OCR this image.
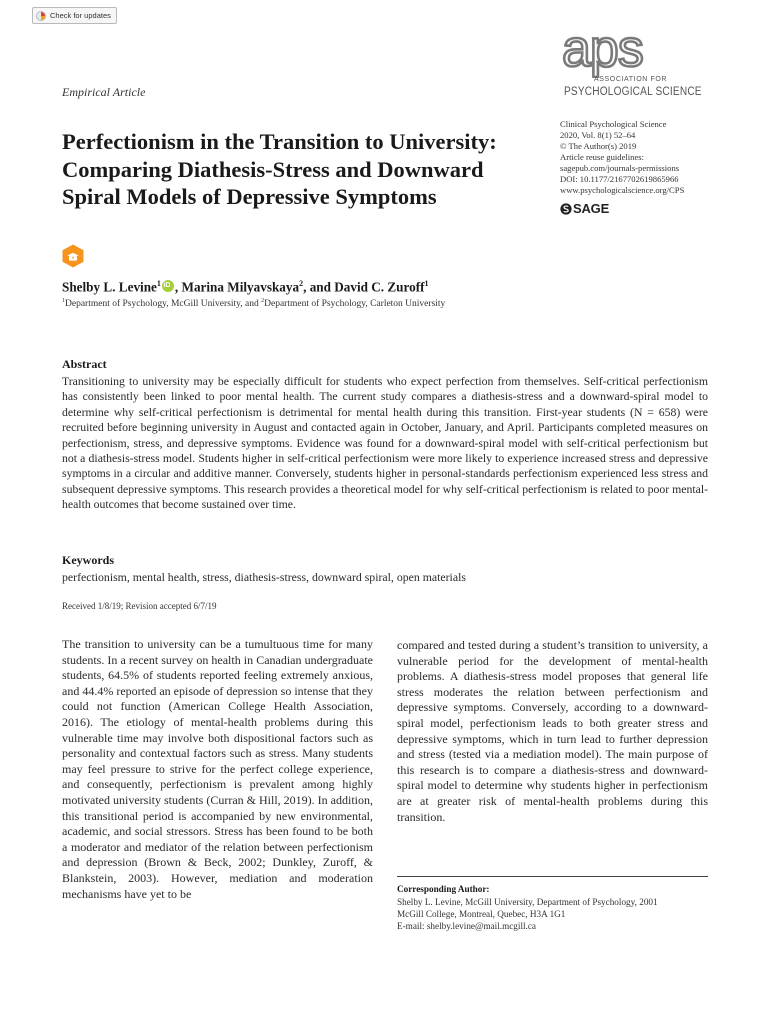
Check for updates
aps
ASSOCIATION FOR
PSYCHOLOGICAL SCIENCE
Empirical Article
Clinical Psychological Science
2020, Vol. 8(1) 52–64
© The Author(s) 2019
Article reuse guidelines:
sagepub.com/journals-permissions
DOI: 10.1177/2167702619865966
www.psychologicalscience.org/CPS
SAGE
Perfectionism in the Transition to University: Comparing Diathesis-Stress and Downward Spiral Models of Depressive Symptoms
Shelby L. Levine$^1$iD , Marina Milyavskaya$^2$, and David C. Zuroff$^1$
$^1$Department of Psychology, McGill University, and $^2$Department of Psychology, Carleton University
Abstract

Transitioning to university may be especially difficult for students who expect perfection from themselves. Self-critical perfectionism has consistently been linked to poor mental health. The current study compares a diathesis-stress and a downward-spiral model to determine why self-critical perfectionism is detrimental for mental health during this transition. First-year students (N = 658) were recruited before beginning university in August and contacted again in October, January, and April. Participants completed measures on perfectionism, stress, and depressive symptoms. Evidence was found for a downward-spiral model with self-critical perfectionism but not a diathesis-stress model. Students higher in self-critical perfectionism were more likely to experience increased stress and depressive symptoms in a circular and additive manner. Conversely, students higher in personal-standards perfectionism experienced less stress and subsequent depressive symptoms. This research provides a theoretical model for why self-critical perfectionism is related to poor mental-health outcomes that become sustained over time.

Keywords
perfectionism, mental health, stress, diathesis-stress, downward spiral, open materials
Received 1/8/19; Revision accepted 6/7/19

The transition to university can be a tumultuous time for many students. In a recent survey on health in Canadian undergraduate students, 64.5% of students reported feeling extremely anxious, and 44.4% reported an episode of depression so intense that they could not function (American College Health Association, 2016). The etiology of mental-health problems during this vulnerable time may involve both dispositional factors such as personality and contextual factors such as stress. Many students may feel pressure to strive for the perfect college experience, and consequently, perfectionism is prevalent among highly motivated university students (Curran & Hill, 2019). In addition, this transitional period is accompanied by new environmental, academic, and social stressors. Stress has been found to be both a moderator and mediator of the relation between perfectionism and depression (Brown & Beck, 2002; Dunkley, Zuroff, & Blankstein, 2003). However, mediation and moderation mechanisms have yet to be

compared and tested during a student’s transition to university, a vulnerable period for the development of mental-health problems. A diathesis-stress model proposes that general life stress moderates the relation between perfectionism and depressive symptoms. Conversely, according to a downward-spiral model, perfectionism leads to both greater stress and depressive symptoms, which in turn lead to further depression and stress (tested via a mediation model). The main purpose of this research is to compare a diathesis-stress and downward-spiral model to determine why students higher in perfectionism are at greater risk of mental-health problems during this transition.

Corresponding Author:
Shelby L. Levine, McGill University, Department of Psychology, 2001
McGill College, Montreal, Quebec, H3A 1G1
E-mail: shelby.levine@mail.mcgill.ca
